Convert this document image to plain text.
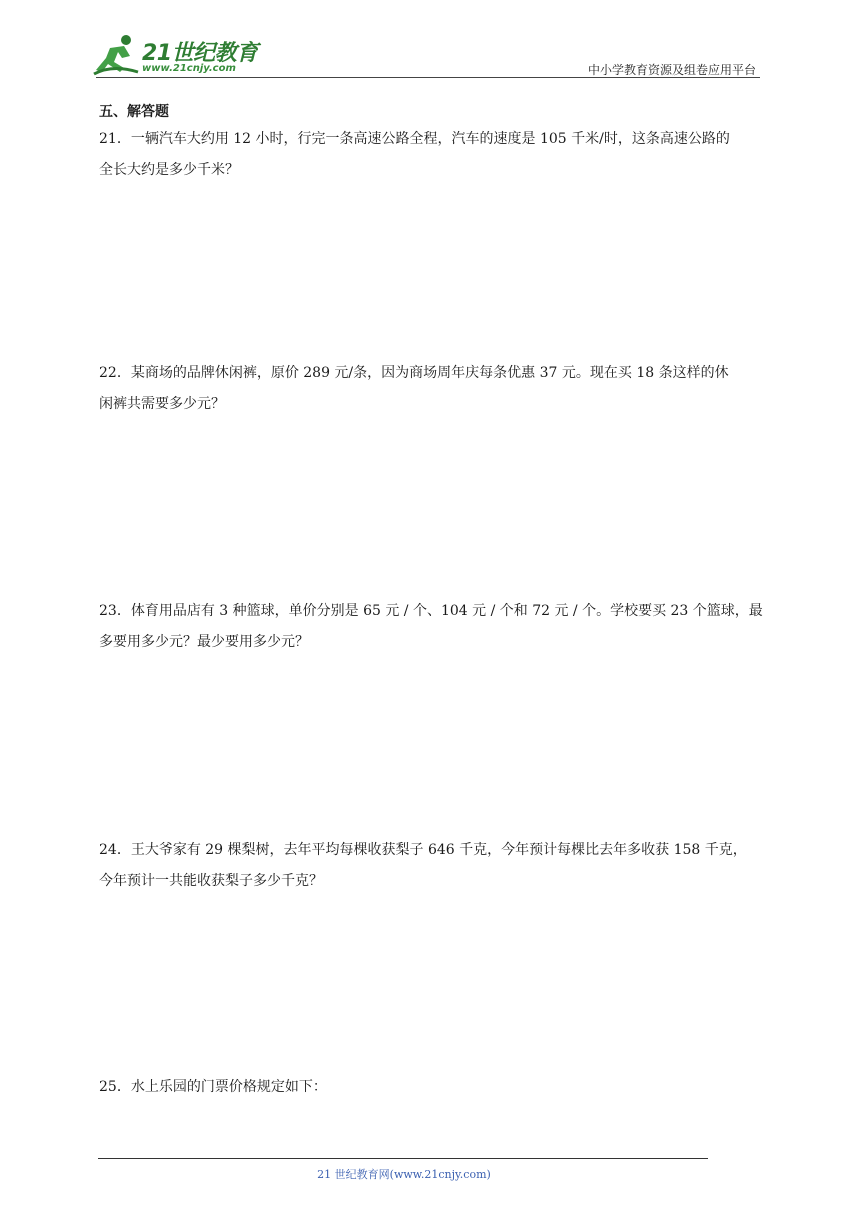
21世纪教育
www.21cnjy.com	中小学教育资源及组卷应用平台
五、解答题

21．一辆汽车大约用 12 小时，行完一条高速公路全程，汽车的速度是 105 千米/时，这条高速公路的

全长大约是多少千米？

22．某商场的品牌休闲裤，原价 289 元/条，因为商场周年庆每条优惠 37 元。现在买 18 条这样的休

闲裤共需要多少元？

23．体育用品店有 3 种篮球，单价分别是 65 元 / 个、104 元 / 个和 72 元 / 个。学校要买 23 个篮球，最

多要用多少元？最少要用多少元？

24．王大爷家有 29 棵梨树，去年平均每棵收获梨子 646 千克，今年预计每棵比去年多收获 158 千克，

今年预计一共能收获梨子多少千克？

25．水上乐园的门票价格规定如下：

21 世纪教育网(www.21cnjy.com)
